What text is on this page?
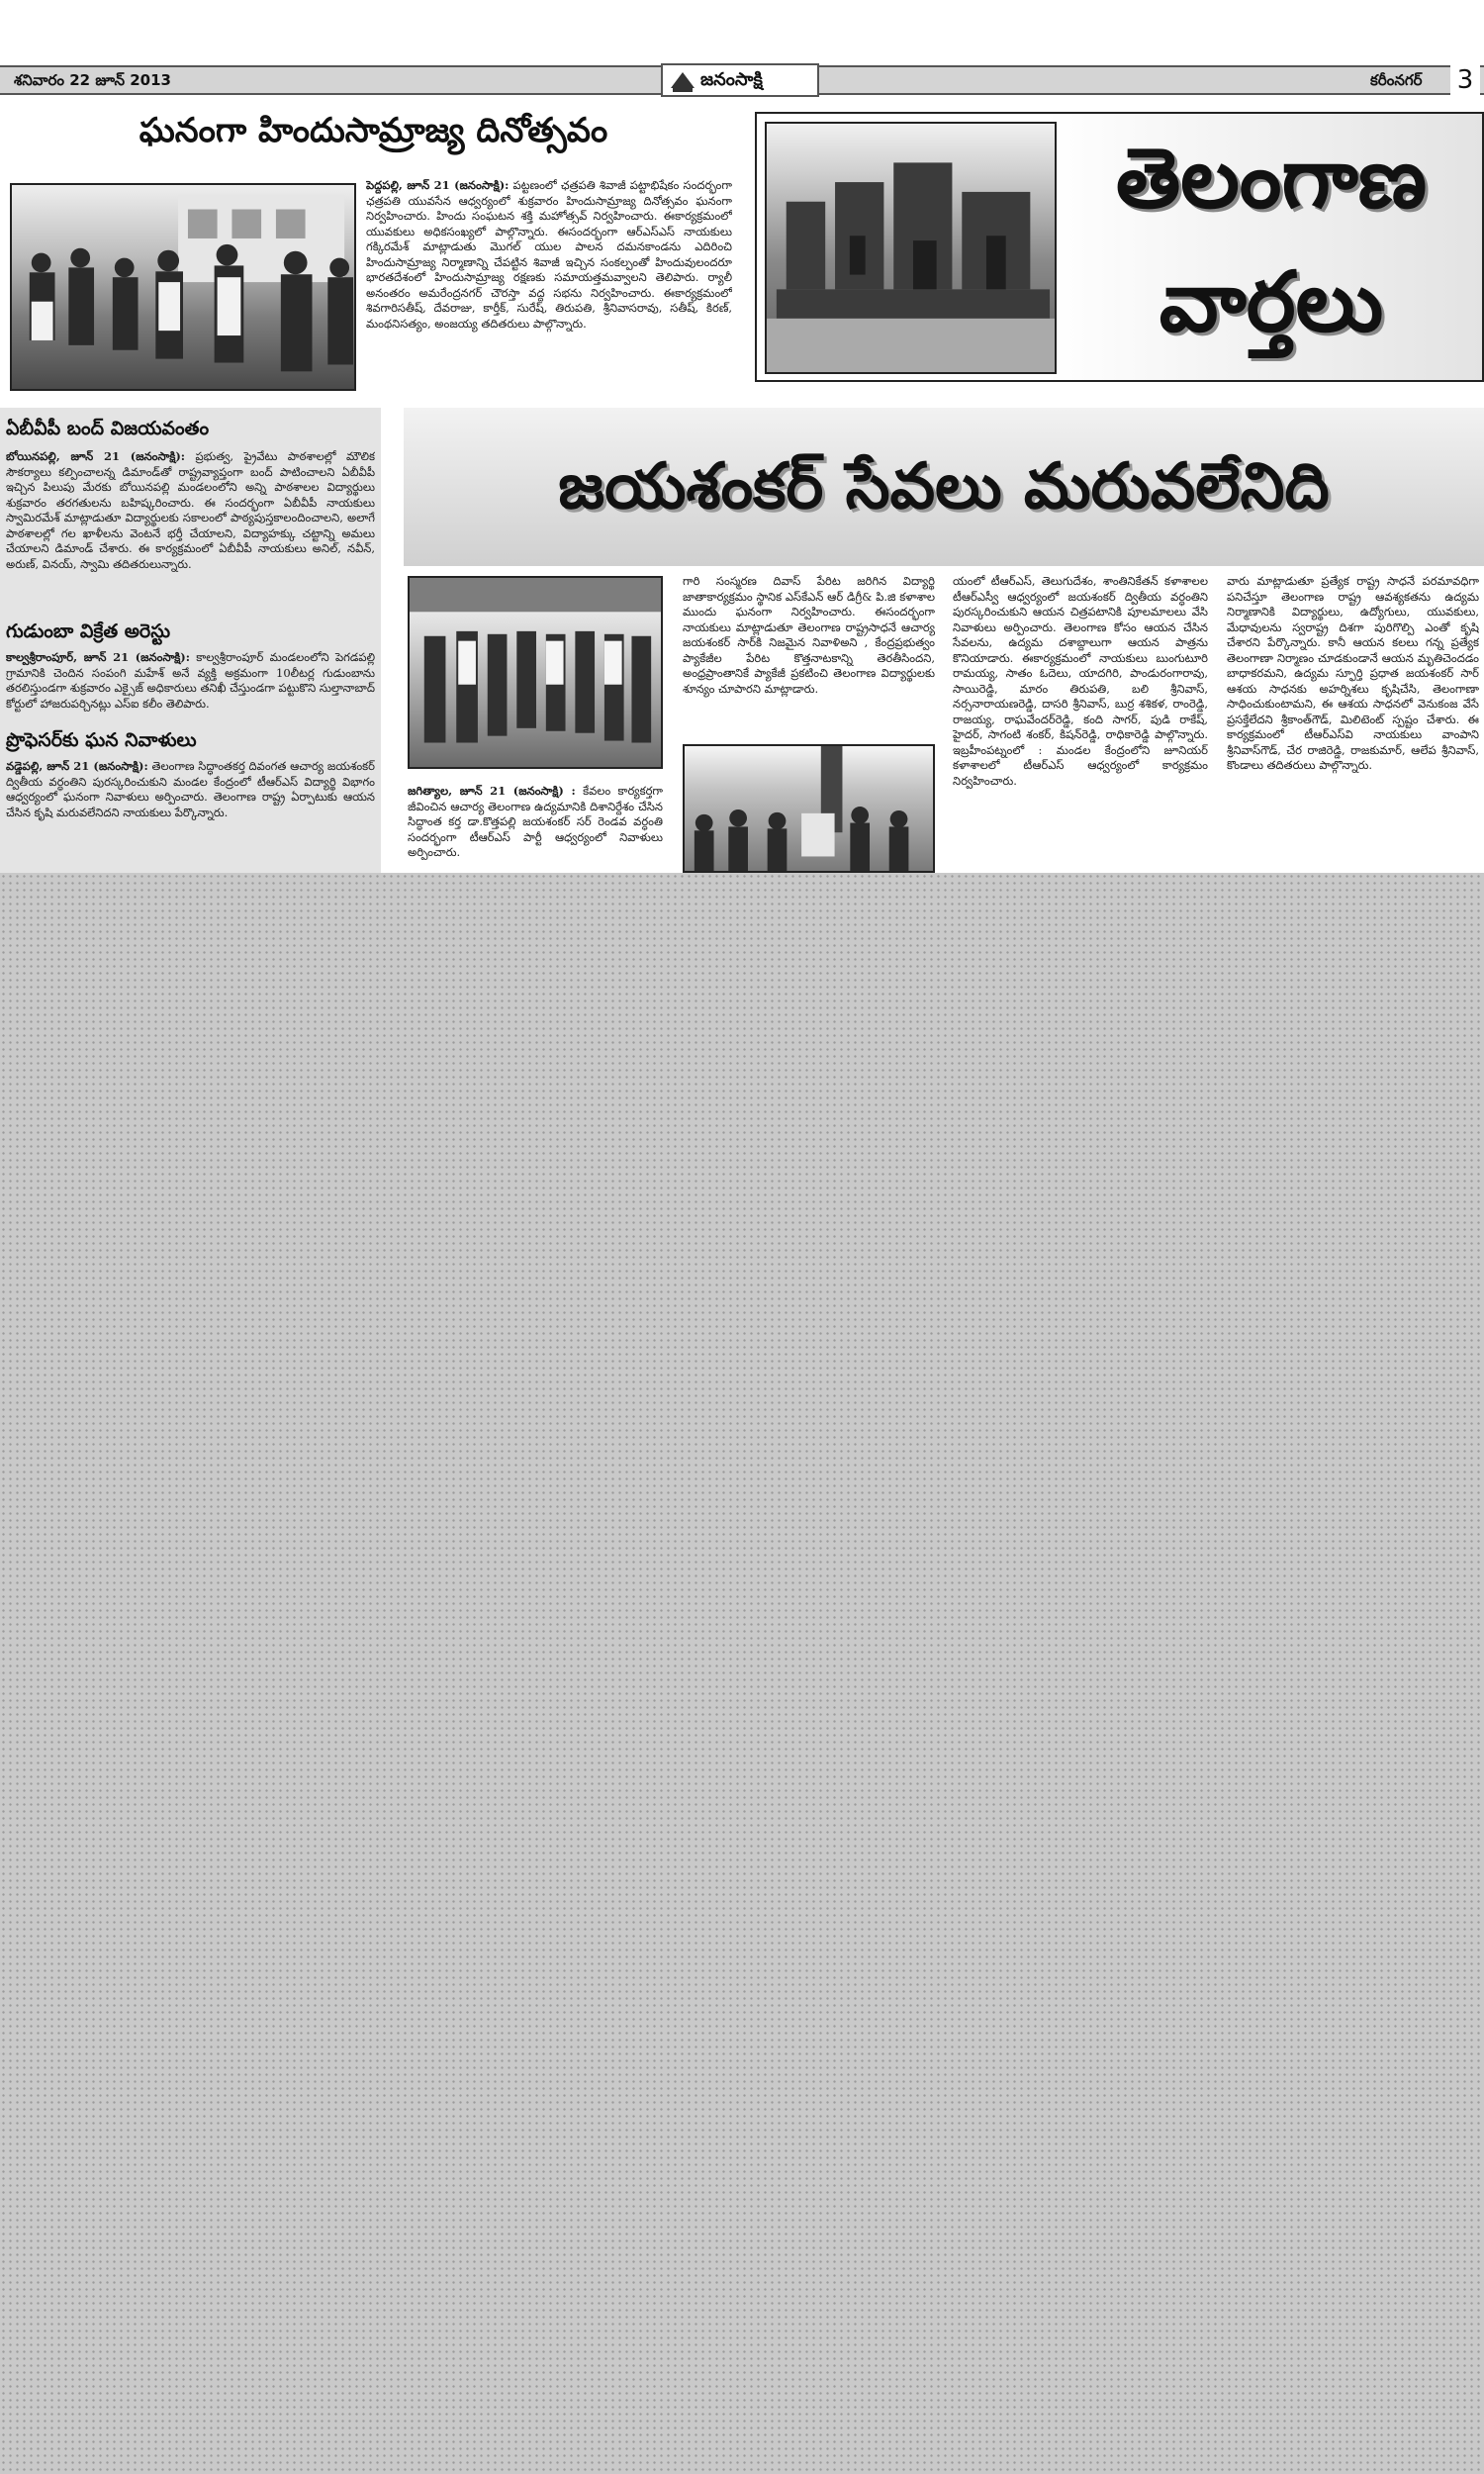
శనివారం 22 జూన్ 2013	జనంసాక్షి	కరీంనగర్ 3
ఘనంగా హిందుసామ్రాజ్య దినోత్సవం
పెద్దపల్లి, జూన్ 21 (జనంసాక్షి): పట్టణంలో ఛత్రపతి శివాజీ పట్టాభిషేకం సందర్భంగా ఛత్రపతి యువసేన ఆధ్వర్యంలో శుక్రవారం హిందుసామ్రాజ్య దినోత్సవం ఘనంగా నిర్వహించారు. హిందు సంఘటన శక్తి మహోత్సవ్ నిర్వహించారు. ఈకార్యక్రమంలో యువకులు అధికసంఖ్యలో పాల్గొన్నారు. ఈసందర్భంగా ఆర్ఎస్ఎస్ నాయకులు గక్కిరమేశ్ మాట్లాడుతు మొగల్ యుల పాలన దమనకాండను ఎదిరించి హిందుసామ్రాజ్య నిర్మాణాన్ని చేపట్టిన శివాజీ ఇచ్చిన సంకల్పంతో హిందువులందరూ భారతదేశంలో హిందుసామ్రాజ్య రక్షణకు సమాయత్తమవ్వాలని తెలిపారు. ర్యాలీ అనంతరం అమరేంద్రనగర్ చౌరస్తా వద్ద సభను నిర్వహించారు. ఈకార్యక్రమంలో శివగారిసతీష్, దేవరాజు, కార్తీక్, సురేష్, తిరుపతి, శ్రీనివాసరావు, సతీష్, కిరణ్, మంథనిసత్యం, అంజయ్య తదితరులు పాల్గొన్నారు.
తెలంగాణ
వార్తలు
ఏబీవీపీ బంద్ విజయవంతం
బోయినపల్లి, జూన్ 21 (జనంసాక్షి): ప్రభుత్వ, ప్రైవేటు పాఠశాలల్లో మౌలిక సౌకర్యాలు కల్పించాలన్న డిమాండ్‌తో రాష్ట్రవ్యాప్తంగా బంద్ పాటించాలని ఏబీవీపీ ఇచ్చిన పిలుపు మేరకు బోయినపల్లి మండలంలోని అన్ని పాఠశాలల విద్యార్థులు శుక్రవారం తరగతులను బహిష్కరించారు. ఈ సందర్భంగా ఏబీవీపీ నాయకులు స్వామిరమేశ్ మాట్లాడుతూ విద్యార్థులకు సకాలంలో పాఠ్యపుస్తకాలందించాలని, అలాగే పాఠశాలల్లో గల ఖాళీలను వెంటనే భర్తీ చేయాలని, విద్యాహక్కు చట్టాన్ని అమలు చేయాలని డిమాండ్ చేశారు. ఈ కార్యక్రమంలో ఏబీవీపీ నాయకులు అనిల్, నవీన్, అరుణ్, వినయ్, స్వామి తదితరులున్నారు.
గుడుంబా విక్రేత అరెస్టు
కాల్వశ్రీరాంపూర్, జూన్ 21 (జనంసాక్షి): కాల్వశ్రీరాంపూర్ మండలంలోని పెగడపల్లి గ్రామానికి చెందిన సంపంగి మహేశ్ అనే వ్యక్తి అక్రమంగా 10లీటర్ల గుడుంబాను తరలిస్తుండగా శుక్రవారం ఎక్సైజ్ అధికారులు తనిఖీ చేస్తుండగా పట్టుకొని సుల్తానాబాద్ కోర్టులో హాజరుపర్చినట్లు ఎస్ఐ కలీం తెలిపారు.
ప్రొఫెసర్‌కు ఘన నివాళులు
వడ్డెపల్లి, జూన్ 21 (జనంసాక్షి): తెలంగాణ సిద్ధాంతకర్త దివంగత ఆచార్య జయశంకర్ ద్వితీయ వర్ధంతిని పురస్కరించుకుని మండల కేంద్రంలో టీఆర్ఎస్ విద్యార్థి విభాగం ఆధ్వర్యంలో ఘనంగా నివాళులు అర్పించారు. తెలంగాణ రాష్ట్ర ఏర్పాటుకు ఆయన చేసిన కృషి మరువలేనిదని నాయకులు పేర్కొన్నారు.
జయశంకర్ సేవలు మరువలేనిది
జగిత్యాల, జూన్ 21 (జనంసాక్షి) : కేవలం కార్యకర్తగా జీవించిన ఆచార్య తెలంగాణ ఉద్యమానికి దిశానిర్దేశం చేసిన సిద్ధాంత కర్త డా.కొత్తపల్లి జయశంకర్ సర్ రెండవ వర్ధంతి సందర్భంగా టీఆర్ఎస్ పార్టీ ఆధ్వర్యంలో నివాళులు అర్పించారు.
గారి సంస్మరణ దివాస్ పేరిట జరిగిన విద్యార్థి జాతాకార్యక్రమం స్థానిక ఎస్‌కేఎన్ ఆర్ డిగ్రీ& పి.జి కళాశాల ముందు ఘనంగా నిర్వహించారు. ఈసందర్భంగా నాయకులు మాట్లాడుతూ తెలంగాణ రాష్ట్రసాధనే ఆచార్య జయశంకర్ సార్‌కి నిజమైన నివాళిఅని , కేంద్రప్రభుత్వం ప్యాకేజీల పేరిట కొత్తనాటకాన్ని తెరతీసిందని, అంధ్రప్రాంతానికే ప్యాకేజీ ప్రకటించి తెలంగాణ విద్యార్థులకు శూన్యం చూపారని మాట్లాడారు.
యంలో టీఆర్ఎస్, తెలుగుదేశం, శాంతినికేతన్ కళాశాలల టీఆర్ఎస్వీ ఆధ్వర్యంలో జయశంకర్ ద్వితీయ వర్ధంతిని పురస్కరించుకుని ఆయన చిత్రపటానికి పూలమాలలు వేసి నివాళులు అర్పించారు. తెలంగాణ కోసం ఆయన చేసిన సేవలను, ఉద్యమ దశాబ్దాలుగా ఆయన పాత్రను కొనియాడారు. ఈకార్యక్రమంలో నాయకులు బుంగుటూరి రామయ్య, సాతం ఓదెలు, యాదగిరి, పాండురంగారావు, సాయిరెడ్డి, మారం తిరుపతి, బలి శ్రీనివాస్, నర్సనారాయణరెడ్డి, దాసరి శ్రీనివాస్, బుర్ర శశికళ, రాంరెడ్డి, రాజయ్య, రాఘవేందర్‌రెడ్డి, కంది సాగర్, పుడి రాకేష్, హైదర్, సాగంటి శంకర్, కిషన్‌రెడ్డి, రాధికారెడ్డి పాల్గొన్నారు. ఇబ్రహీంపట్నంలో : మండల కేంద్రంలోని జూనియర్ కళాశాలలో టీఆర్ఎస్ ఆధ్వర్యంలో కార్యక్రమం నిర్వహించారు.
వారు మాట్లాడుతూ ప్రత్యేక రాష్ట్ర సాధనే పరమావధిగా పనిచేస్తూ తెలంగాణ రాష్ట్ర ఆవశ్యకతను ఉద్యమ నిర్మాణానికి విద్యార్థులు, ఉద్యోగులు, యువకులు, మేధావులను స్వరాష్ట్ర దిశగా పురిగొల్పి ఎంతో కృషి చేశారని పేర్కొన్నారు. కానీ ఆయన కలలు గన్న ప్రత్యేక తెలంగాణా నిర్మాణం చూడకుండానే ఆయన మృతిచెందడం బాధాకరమని, ఉద్యమ స్ఫూర్తి ప్రధాత జయశంకర్ సార్ ఆశయ సాధనకు అహర్నిశలు కృషిచేసి, తెలంగాణా సాధించుకుంటామని, ఈ ఆశయ సాధనలో వెనుకంజ వేసే ప్రసక్తేలేదని శ్రీకాంత్‌గౌడ్, మిలిటెంట్ స్పష్టం చేశారు. ఈ కార్యక్రమంలో టీఆర్ఎస్‌వి నాయకులు వాంపాని శ్రీనివాస్‌గౌడ్, చేర రాజిరెడ్డి, రాజకుమార్, ఆలేప శ్రీనివాస్, కొండాలు తదితరులు పాల్గొన్నారు.
